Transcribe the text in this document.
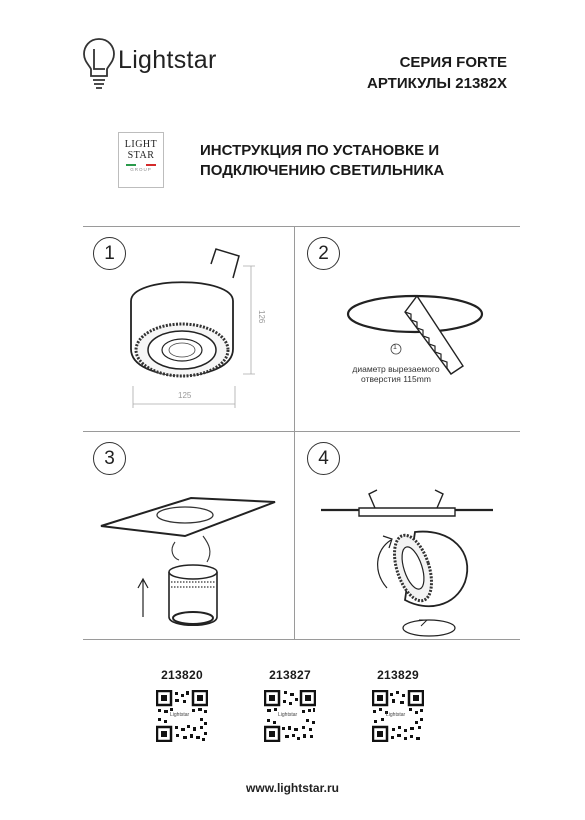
Lightstar	СЕРИЯ FORTE
АРТИКУЛЫ 21382X
LIGHT
STAR
GROUP
ИНСТРУКЦИЯ ПО УСТАНОВКЕ И
ПОДКЛЮЧЕНИЮ СВЕТИЛЬНИКА
1
126
125
2
1
диаметр вырезаемого
отверстия 115mm
3	4
213820
Lightstar
213827
Lightstar
213829
Lightstar
www.lightstar.ru
